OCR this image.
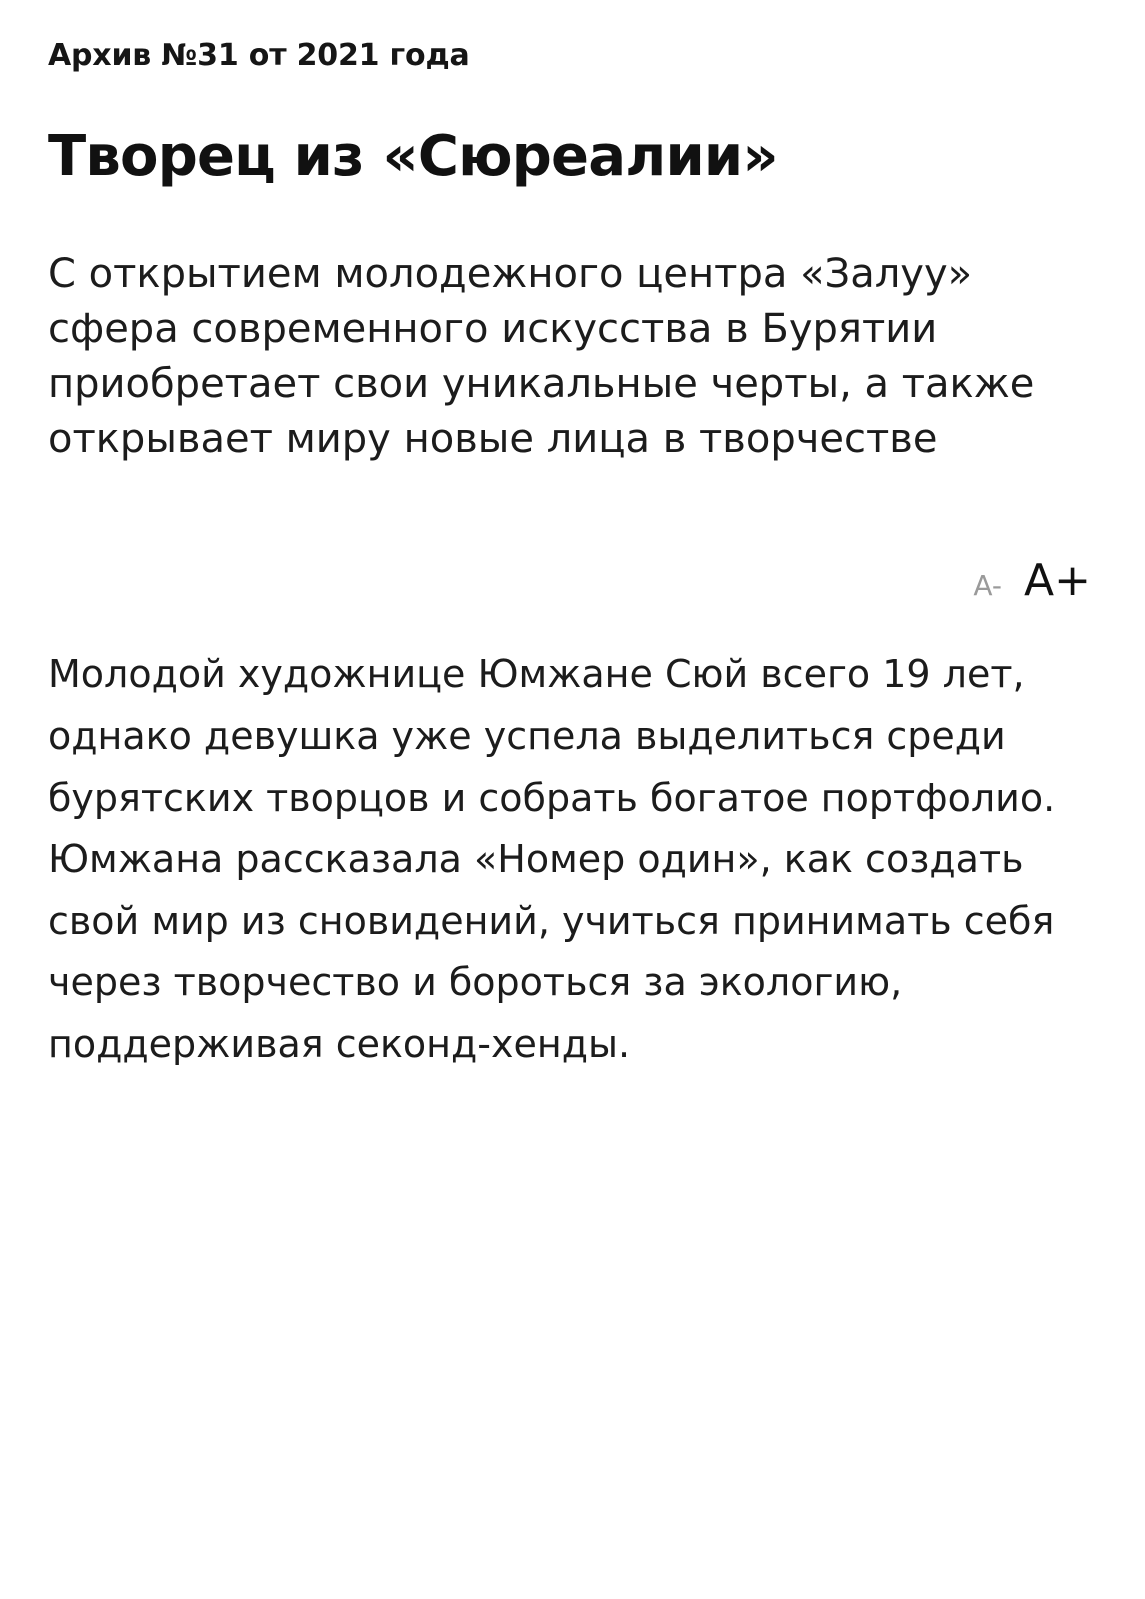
Архив №31 от 2021 года
Творец из «Сюреалии»

С открытием молодежного центра «Залуу» сфера современного искусства в Бурятии приобретает свои уникальные черты, а также открывает миру новые лица в творчестве

A- A+

Молодой художнице Юмжане Сюй всего 19 лет, однако девушка уже успела выделиться среди бурятских творцов и собрать богатое портфолио. Юмжана рассказала «Номер один», как создать свой мир из сновидений, учиться принимать себя через творчество и бороться за экологию, поддерживая секонд-хенды.
